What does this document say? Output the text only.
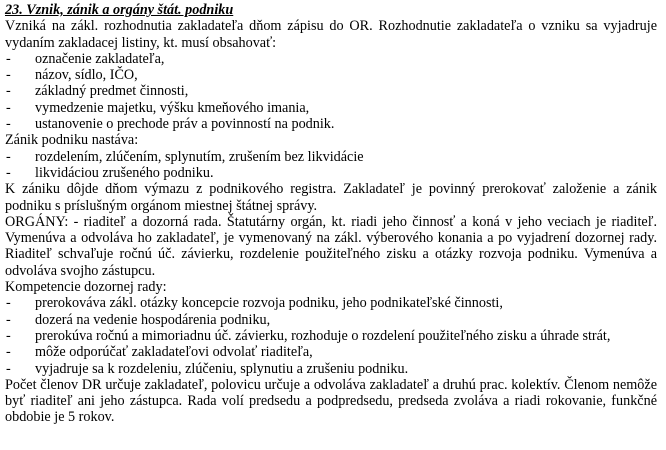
23. Vznik, zánik a orgány štát. podniku
Vzniká na zákl. rozhodnutia zakladateľa dňom zápisu do OR. Rozhodnutie zakladateľa o vzniku sa vyjadruje vydaním zakladacej listiny, kt. musí obsahovať:
- označenie zakladateľa,
- názov, sídlo, IČO,
- základný predmet činnosti,
- vymedzenie majetku, výšku kmeňového imania,
- ustanovenie o prechode práv a povinností na podnik.
Zánik podniku nastáva:
- rozdelením, zlúčením, splynutím, zrušením bez likvidácie
- likvidáciou zrušeného podniku.
K zániku dôjde dňom výmazu z podnikového registra. Zakladateľ je povinný prerokovať založenie a zánik podniku s príslušným orgánom miestnej štátnej správy.
ORGÁNY: - riaditeľ a dozorná rada. Štatutárny orgán, kt. riadi jeho činnosť a koná v jeho veciach je riaditeľ. Vymenúva a odvoláva ho zakladateľ, je vymenovaný na zákl. výberového konania a po vyjadrení dozornej rady. Riaditeľ schvaľuje ročnú úč. závierku, rozdelenie použiteľného zisku a otázky rozvoja podniku. Vymenúva a odvoláva svojho zástupcu.
Kompetencie dozornej rady:
- prerokováva zákl. otázky koncepcie rozvoja podniku, jeho podnikateľské činnosti,
- dozerá na vedenie hospodárenia podniku,
- prerokúva ročnú a mimoriadnu úč. závierku, rozhoduje o rozdelení použiteľného zisku a úhrade strát,
- môže odporúčať zakladateľovi odvolať riaditeľa,
- vyjadruje sa k rozdeleniu, zlúčeniu, splynutiu a zrušeniu podniku.
Počet členov DR určuje zakladateľ, polovicu určuje a odvoláva zakladateľ a druhú prac. kolektív. Členom nemôže byť riaditeľ ani jeho zástupca. Rada volí predsedu a podpredsedu, predseda zvoláva a riadi rokovanie, funkčné obdobie je 5 rokov.
